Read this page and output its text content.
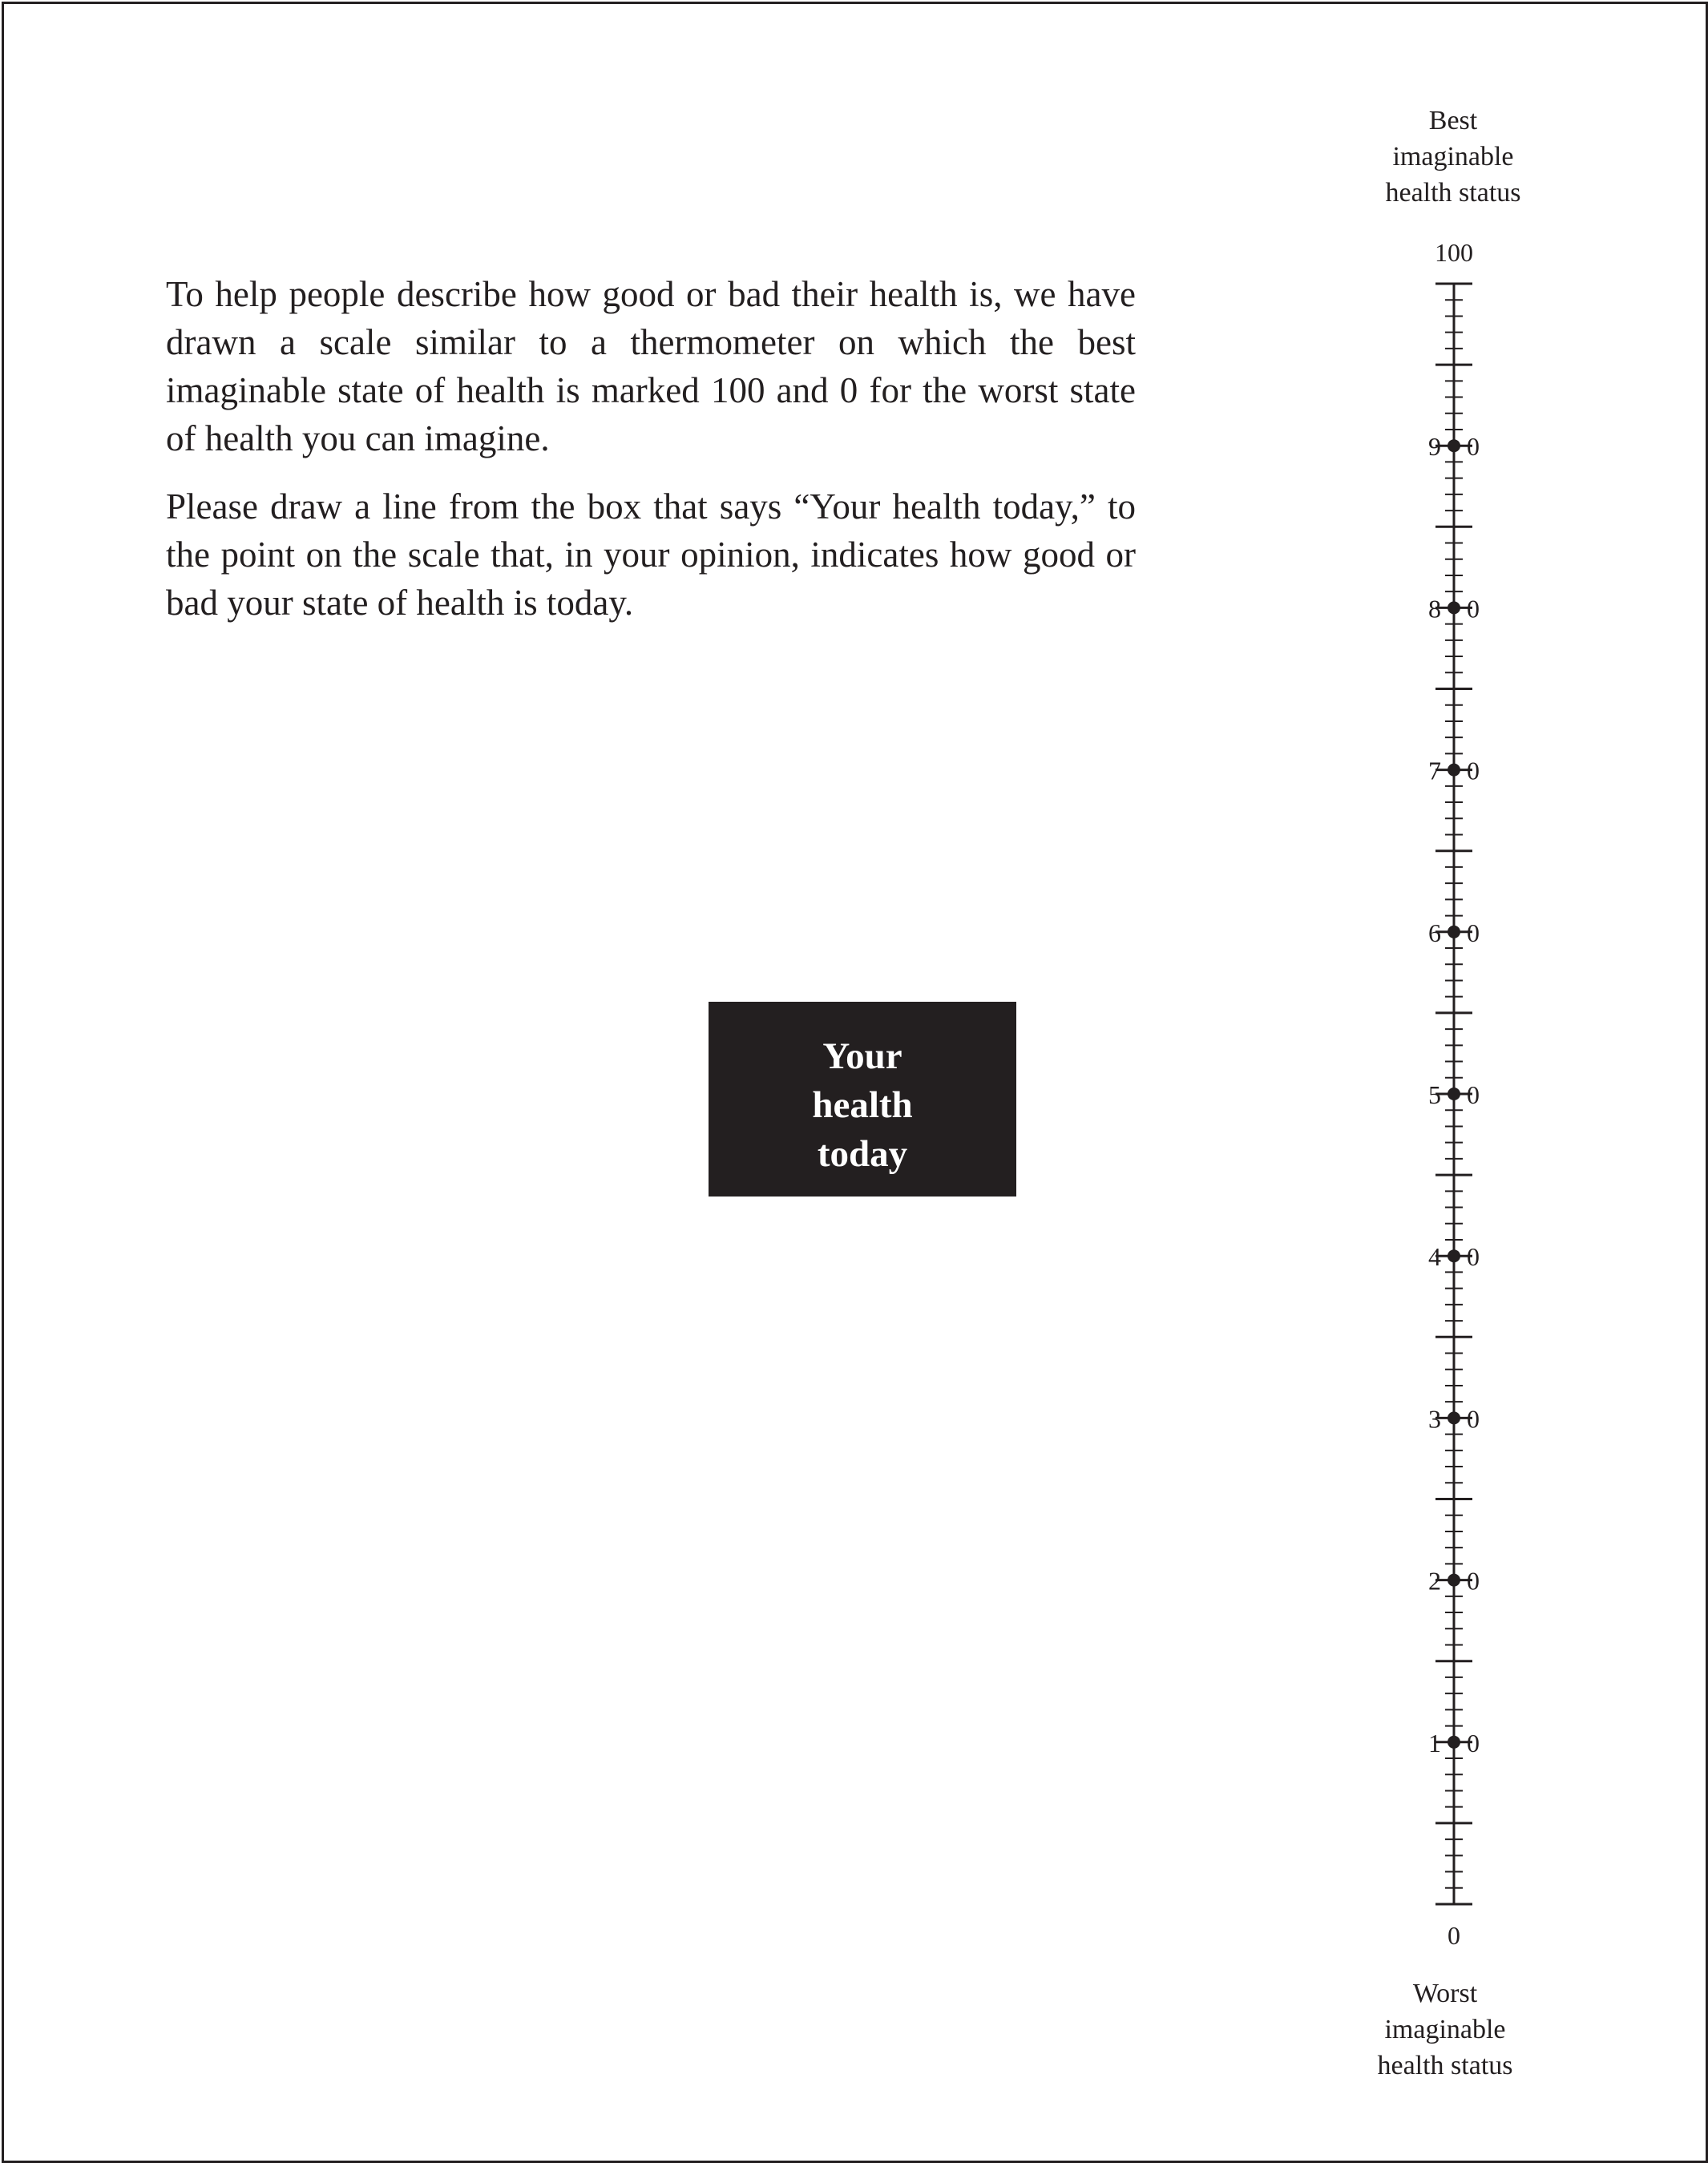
To help people describe how good or bad their health is, we have drawn a scale similar to a thermometer on which the best imaginable state of health is marked 100 and 0 for the worst state of health you can imagine.

Please draw a line from the box that says “Your health today,” to the point on the scale that, in your opinion, indicates how good or bad your state of health is today.

Your
health
today
Best
imaginable
health status
Worst
imaginable
health status
9 0
8 0
7 0
6 0
5 0
4 0
3 0
2 0
1 0
100
0
